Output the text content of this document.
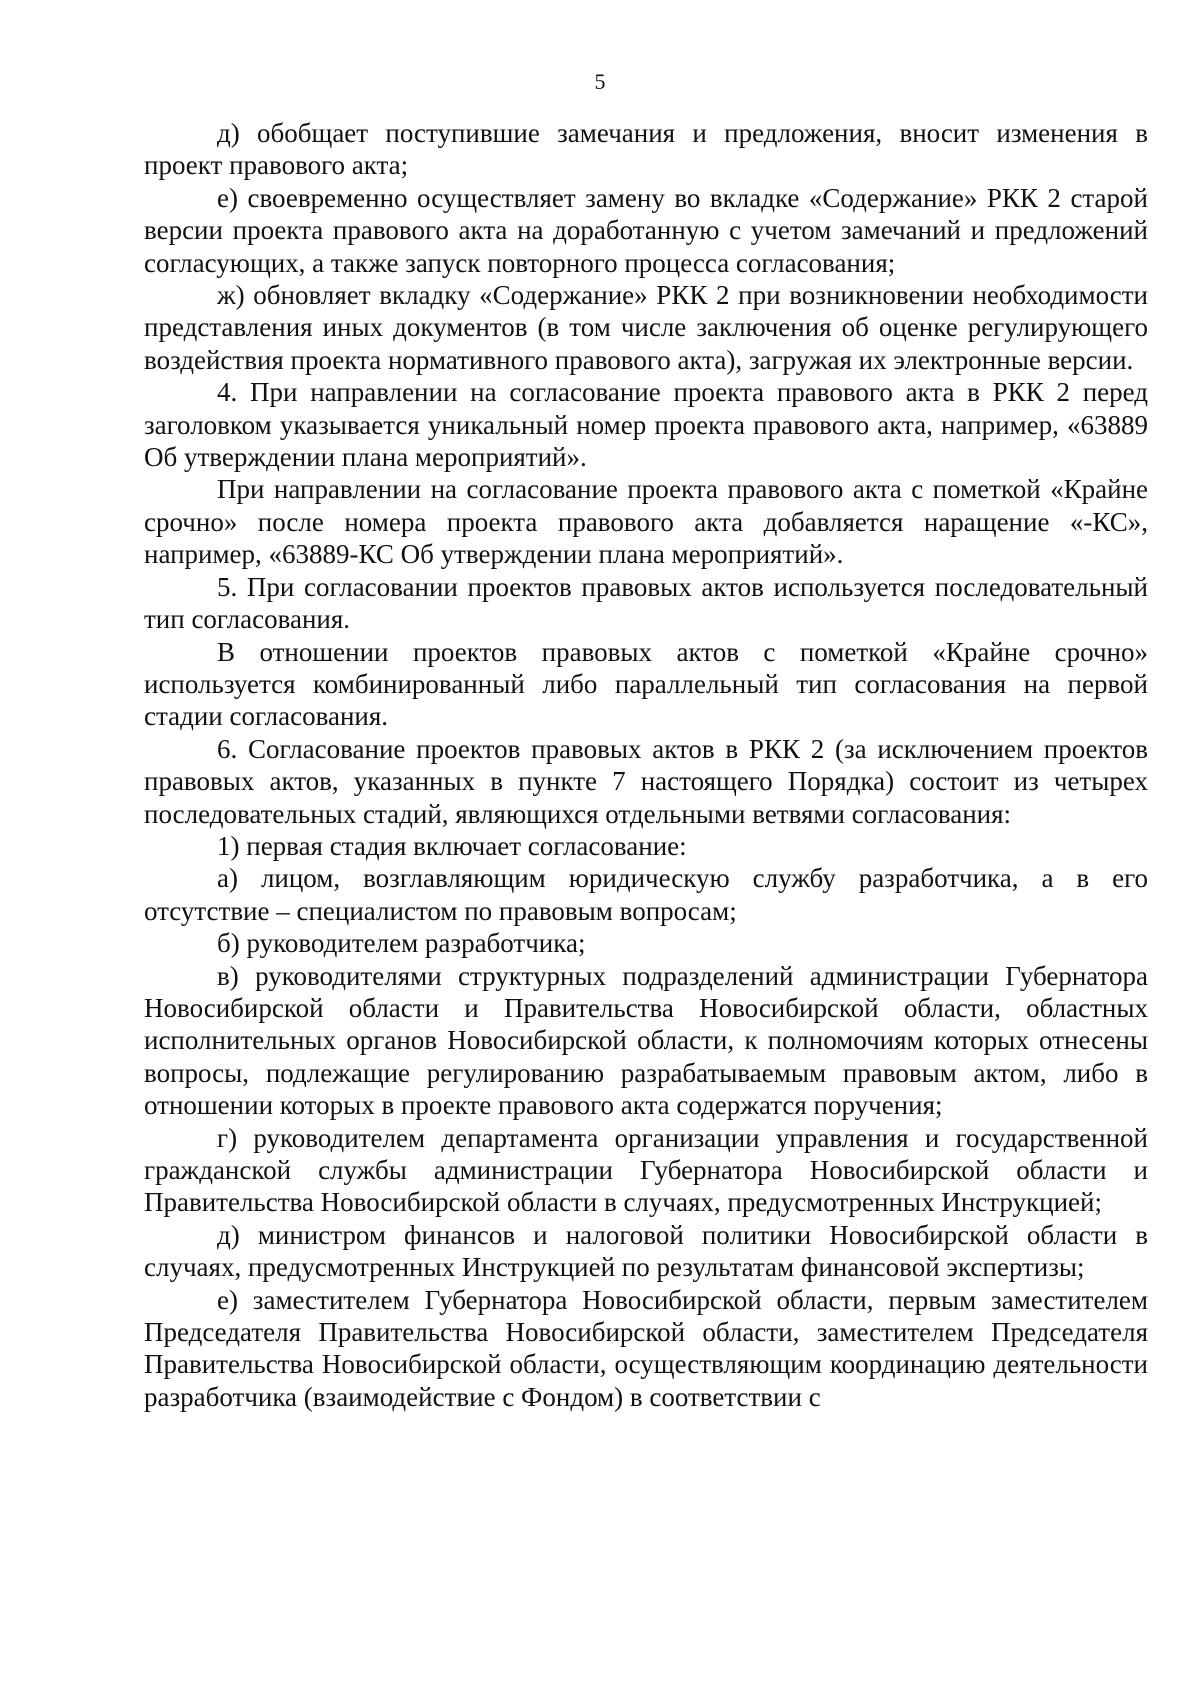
5

д) обобщает поступившие замечания и предложения, вносит изменения в проект правового акта;

е) своевременно осуществляет замену во вкладке «Содержание» РКК 2 старой версии проекта правового акта на доработанную с учетом замечаний и предложений согласующих, а также запуск повторного процесса согласования;

ж) обновляет вкладку «Содержание» РКК 2 при возникновении необходимости представления иных документов (в том числе заключения об оценке регулирующего воздействия проекта нормативного правового акта), загружая их электронные версии.

4. При направлении на согласование проекта правового акта в РКК 2 перед заголовком указывается уникальный номер проекта правового акта, например, «63889 Об утверждении плана мероприятий».

При направлении на согласование проекта правового акта с пометкой «Крайне срочно» после номера проекта правового акта добавляется наращение «-КС», например, «63889-КС Об утверждении плана мероприятий».

5. При согласовании проектов правовых актов используется последовательный тип согласования.

В отношении проектов правовых актов с пометкой «Крайне срочно» используется комбинированный либо параллельный тип согласования на первой стадии согласования.

6. Согласование проектов правовых актов в РКК 2 (за исключением проектов правовых актов, указанных в пункте 7 настоящего Порядка) состоит из четырех последовательных стадий, являющихся отдельными ветвями согласования:

1) первая стадия включает согласование:

а) лицом, возглавляющим юридическую службу разработчика, а в его отсутствие – специалистом по правовым вопросам;

б) руководителем разработчика;

в) руководителями структурных подразделений администрации Губернатора Новосибирской области и Правительства Новосибирской области, областных исполнительных органов Новосибирской области, к полномочиям которых отнесены вопросы, подлежащие регулированию разрабатываемым правовым актом, либо в отношении которых в проекте правового акта содержатся поручения;

г) руководителем департамента организации управления и государственной гражданской службы администрации Губернатора Новосибирской области и Правительства Новосибирской области в случаях, предусмотренных Инструкцией;

д) министром финансов и налоговой политики Новосибирской области в случаях, предусмотренных Инструкцией по результатам финансовой экспертизы;

е) заместителем Губернатора Новосибирской области, первым заместителем Председателя Правительства Новосибирской области, заместителем Председателя Правительства Новосибирской области, осуществляющим координацию деятельности разработчика (взаимодействие с Фондом) в соответствии с
